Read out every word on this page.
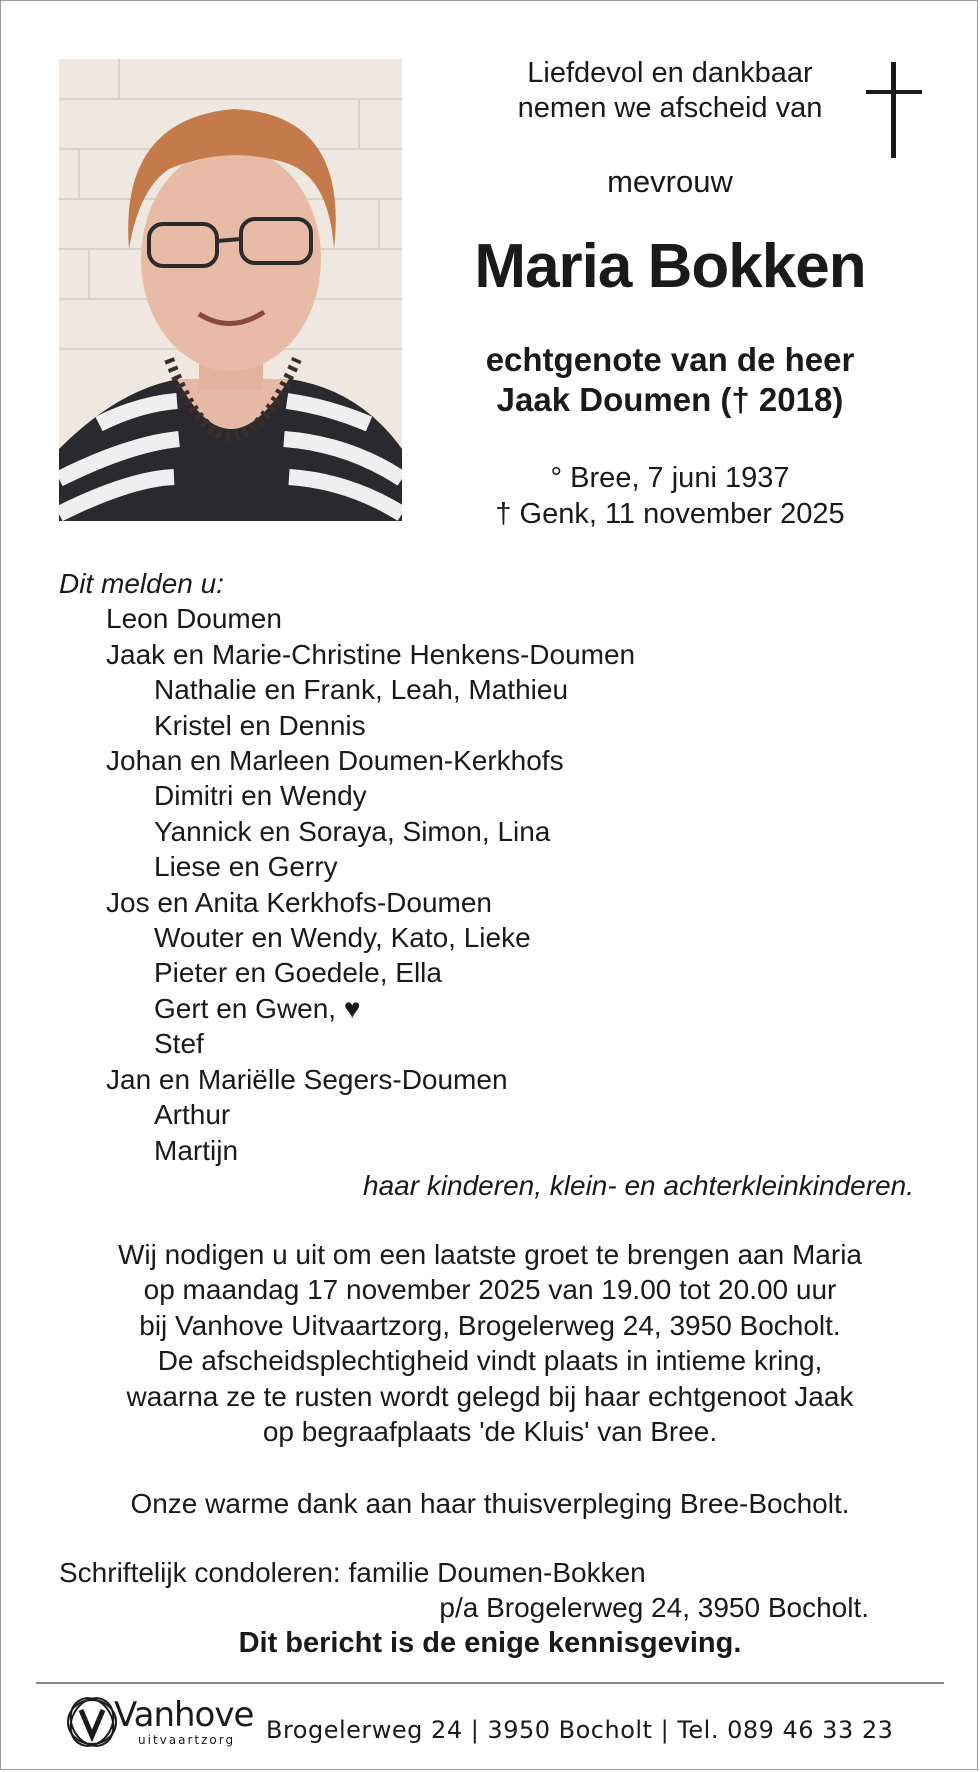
Liefdevol en dankbaar
nemen we afscheid van
mevrouw
Maria Bokken
echtgenote van de heer
Jaak Doumen († 2018)
° Bree, 7 juni 1937
† Genk, 11 november 2025
Dit melden u:
Leon Doumen
Jaak en Marie-Christine Henkens-Doumen
Nathalie en Frank, Leah, Mathieu
Kristel en Dennis
Johan en Marleen Doumen-Kerkhofs
Dimitri en Wendy
Yannick en Soraya, Simon, Lina
Liese en Gerry
Jos en Anita Kerkhofs-Doumen
Wouter en Wendy, Kato, Lieke
Pieter en Goedele, Ella
Gert en Gwen, ♥
Stef
Jan en Mariëlle Segers-Doumen
Arthur
Martijn
haar kinderen, klein- en achterkleinkinderen.
Wij nodigen u uit om een laatste groet te brengen aan Maria
op maandag 17 november 2025 van 19.00 tot 20.00 uur
bij Vanhove Uitvaartzorg, Brogelerweg 24, 3950 Bocholt.
De afscheidsplechtigheid vindt plaats in intieme kring,
waarna ze te rusten wordt gelegd bij haar echtgenoot Jaak
op begraafplaats 'de Kluis' van Bree.
Onze warme dank aan haar thuisverpleging Bree-Bocholt.
Schriftelijk condoleren: familie Doumen-Bokken
p/a Brogelerweg 24, 3950 Bocholt.
Dit bericht is de enige kennisgeving.
Vanhove
uitvaartzorg Brogelerweg 24 | 3950 Bocholt | Tel. 089 46 33 23
